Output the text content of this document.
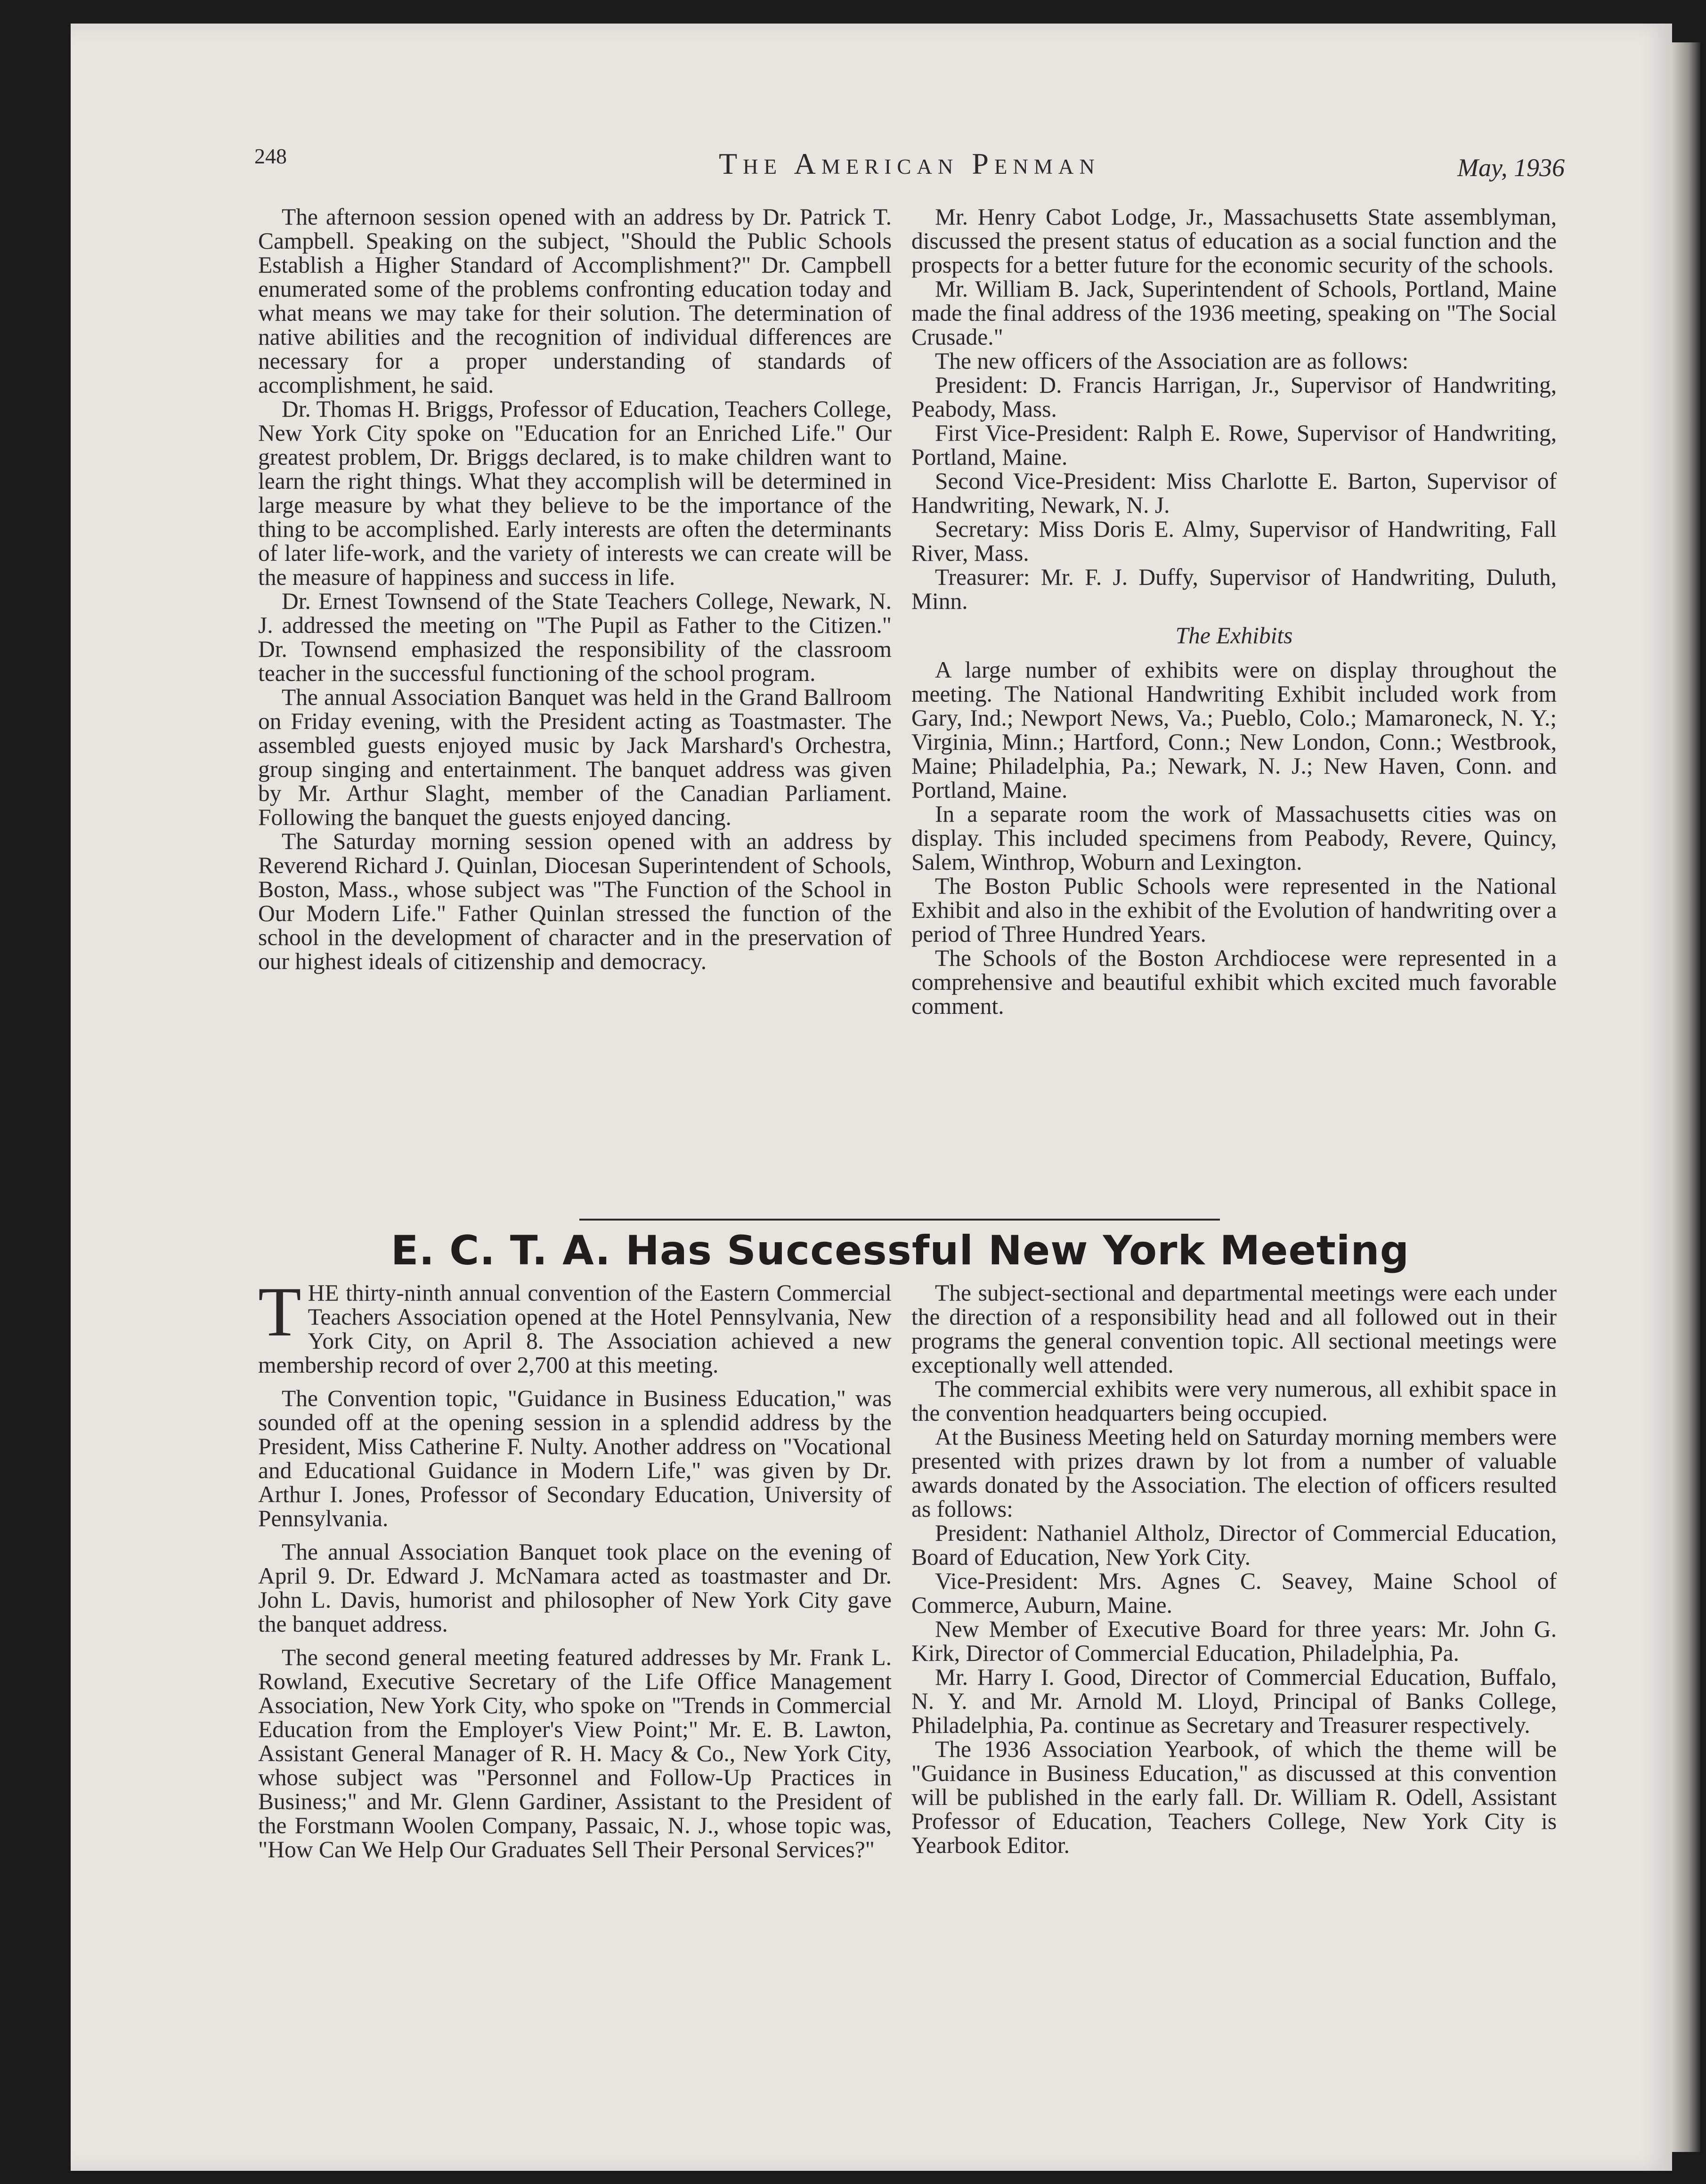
248	The American Penman	May, 1936

The afternoon session opened with an address by Dr. Patrick T. Campbell. Speaking on the subject, "Should the Public Schools Establish a Higher Standard of Accomplishment?" Dr. Campbell enumerated some of the problems confronting education today and what means we may take for their solution. The determination of native abilities and the recognition of individual differences are necessary for a proper understanding of standards of accomplishment, he said.

Dr. Thomas H. Briggs, Professor of Education, Teachers College, New York City spoke on "Education for an Enriched Life." Our greatest problem, Dr. Briggs declared, is to make children want to learn the right things. What they accomplish will be determined in large measure by what they believe to be the importance of the thing to be accomplished. Early interests are often the determinants of later life-work, and the variety of interests we can create will be the measure of happiness and success in life.

Dr. Ernest Townsend of the State Teachers College, Newark, N. J. addressed the meeting on "The Pupil as Father to the Citizen." Dr. Townsend emphasized the responsibility of the classroom teacher in the successful functioning of the school program.

The annual Association Banquet was held in the Grand Ballroom on Friday evening, with the President acting as Toastmaster. The assembled guests enjoyed music by Jack Marshard's Orchestra, group singing and entertainment. The banquet address was given by Mr. Arthur Slaght, member of the Canadian Parliament. Following the banquet the guests enjoyed dancing.

The Saturday morning session opened with an address by Reverend Richard J. Quinlan, Diocesan Superintendent of Schools, Boston, Mass., whose subject was "The Function of the School in Our Modern Life." Father Quinlan stressed the function of the school in the development of character and in the preservation of our highest ideals of citizenship and democracy.

Mr. Henry Cabot Lodge, Jr., Massachusetts State assemblyman, discussed the present status of education as a social function and the prospects for a better future for the economic security of the schools.

Mr. William B. Jack, Superintendent of Schools, Portland, Maine made the final address of the 1936 meeting, speaking on "The Social Crusade."

The new officers of the Association are as follows:

President: D. Francis Harrigan, Jr., Supervisor of Handwriting, Peabody, Mass.

First Vice-President: Ralph E. Rowe, Supervisor of Handwriting, Portland, Maine.

Second Vice-President: Miss Charlotte E. Barton, Supervisor of Handwriting, Newark, N. J.

Secretary: Miss Doris E. Almy, Supervisor of Handwriting, Fall River, Mass.

Treasurer: Mr. F. J. Duffy, Supervisor of Handwriting, Duluth, Minn.

The Exhibits

A large number of exhibits were on display throughout the meeting. The National Handwriting Exhibit included work from Gary, Ind.; Newport News, Va.; Pueblo, Colo.; Mamaroneck, N. Y.; Virginia, Minn.; Hartford, Conn.; New London, Conn.; Westbrook, Maine; Philadelphia, Pa.; Newark, N. J.; New Haven, Conn. and Portland, Maine.

In a separate room the work of Massachusetts cities was on display. This included specimens from Peabody, Revere, Quincy, Salem, Winthrop, Woburn and Lexington.

The Boston Public Schools were represented in the National Exhibit and also in the exhibit of the Evolution of handwriting over a period of Three Hundred Years.

The Schools of the Boston Archdiocese were represented in a comprehensive and beautiful exhibit which excited much favorable comment.

E. C. T. A. Has Successful New York Meeting

THE thirty-ninth annual convention of the Eastern Commercial Teachers Association opened at the Hotel Pennsylvania, New York City, on April 8. The Association achieved a new membership record of over 2,700 at this meeting.

The Convention topic, "Guidance in Business Education," was sounded off at the opening session in a splendid address by the President, Miss Catherine F. Nulty. Another address on "Vocational and Educational Guidance in Modern Life," was given by Dr. Arthur I. Jones, Professor of Secondary Education, University of Pennsylvania.

The annual Association Banquet took place on the evening of April 9. Dr. Edward J. McNamara acted as toastmaster and Dr. John L. Davis, humorist and philosopher of New York City gave the banquet address.

The second general meeting featured addresses by Mr. Frank L. Rowland, Executive Secretary of the Life Office Management Association, New York City, who spoke on "Trends in Commercial Education from the Employer's View Point;" Mr. E. B. Lawton, Assistant General Manager of R. H. Macy & Co., New York City, whose subject was "Personnel and Follow-Up Practices in Business;" and Mr. Glenn Gardiner, Assistant to the President of the Forstmann Woolen Company, Passaic, N. J., whose topic was, "How Can We Help Our Graduates Sell Their Personal Services?"

The subject-sectional and departmental meetings were each under the direction of a responsibility head and all followed out in their programs the general convention topic. All sectional meetings were exceptionally well attended.

The commercial exhibits were very numerous, all exhibit space in the convention headquarters being occupied.

At the Business Meeting held on Saturday morning members were presented with prizes drawn by lot from a number of valuable awards donated by the Association. The election of officers resulted as follows:

President: Nathaniel Altholz, Director of Commercial Education, Board of Education, New York City.

Vice-President: Mrs. Agnes C. Seavey, Maine School of Commerce, Auburn, Maine.

New Member of Executive Board for three years: Mr. John G. Kirk, Director of Commercial Education, Philadelphia, Pa.

Mr. Harry I. Good, Director of Commercial Education, Buffalo, N. Y. and Mr. Arnold M. Lloyd, Principal of Banks College, Philadelphia, Pa. continue as Secretary and Treasurer respectively.

The 1936 Association Yearbook, of which the theme will be "Guidance in Business Education," as discussed at this convention will be published in the early fall. Dr. William R. Odell, Assistant Professor of Education, Teachers College, New York City is Yearbook Editor.
